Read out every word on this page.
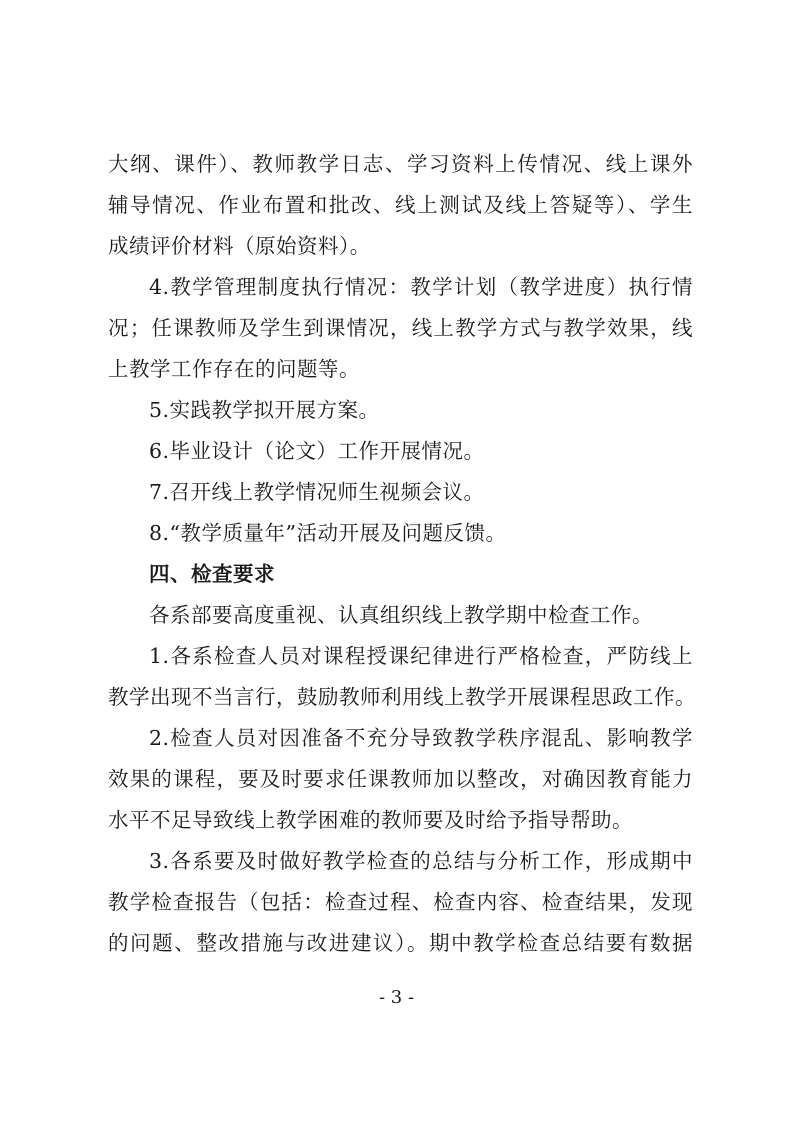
大纲、课件）、教师教学日志、学习资料上传情况、线上课外
辅导情况、作业布置和批改、线上测试及线上答疑等）、学生
成绩评价材料（原始资料）。
4.教学管理制度执行情况：教学计划（教学进度）执行情
况；任课教师及学生到课情况，线上教学方式与教学效果，线
上教学工作存在的问题等。
5.实践教学拟开展方案。
6.毕业设计（论文）工作开展情况。
7.召开线上教学情况师生视频会议。
8.“教学质量年”活动开展及问题反馈。
四、检查要求
各系部要高度重视、认真组织线上教学期中检查工作。
1.各系检查人员对课程授课纪律进行严格检查，严防线上
教学出现不当言行，鼓励教师利用线上教学开展课程思政工作。
2.检查人员对因准备不充分导致教学秩序混乱、影响教学
效果的课程，要及时要求任课教师加以整改，对确因教育能力
水平不足导致线上教学困难的教师要及时给予指导帮助。
3.各系要及时做好教学检查的总结与分析工作，形成期中
教学检查报告（包括：检查过程、检查内容、检查结果，发现
的问题、整改措施与改进建议）。期中教学检查总结要有数据
- 3 -
